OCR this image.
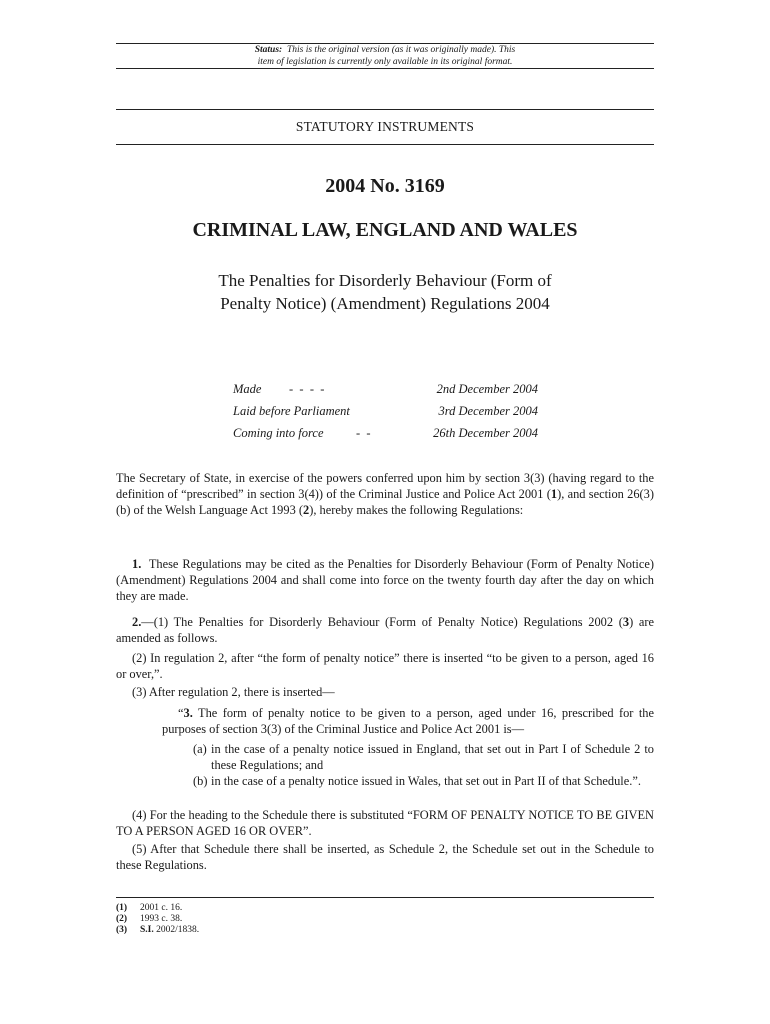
Status: This is the original version (as it was originally made). This
item of legislation is currently only available in its original format.
STATUTORY INSTRUMENTS
2004 No. 3169
CRIMINAL LAW, ENGLAND AND WALES
The Penalties for Disorderly Behaviour (Form of
Penalty Notice) (Amendment) Regulations 2004
Made -  -  -  -	2nd December 2004
Laid before Parliament	3rd December 2004
Coming into force	-  -	26th December 2004
The Secretary of State, in exercise of the powers conferred upon him by section 3(3) (having regard to the definition of “prescribed” in section 3(4)) of the Criminal Justice and Police Act 2001 (1), and section 26(3)(b) of the Welsh Language Act 1993 (2), hereby makes the following Regulations:
1. These Regulations may be cited as the Penalties for Disorderly Behaviour (Form of Penalty Notice) (Amendment) Regulations 2004 and shall come into force on the twenty fourth day after the day on which they are made.
2.—(1) The Penalties for Disorderly Behaviour (Form of Penalty Notice) Regulations 2002 (3) are amended as follows.
(2) In regulation 2, after “the form of penalty notice” there is inserted “to be given to a person, aged 16 or over,”.
(3) After regulation 2, there is inserted—
“3. The form of penalty notice to be given to a person, aged under 16, prescribed for the purposes of section 3(3) of the Criminal Justice and Police Act 2001 is—
(a) in the case of a penalty notice issued in England, that set out in Part I of Schedule 2 to these Regulations; and
(b) in the case of a penalty notice issued in Wales, that set out in Part II of that Schedule.”.
(4) For the heading to the Schedule there is substituted “FORM OF PENALTY NOTICE TO BE GIVEN TO A PERSON AGED 16 OR OVER”.
(5) After that Schedule there shall be inserted, as Schedule 2, the Schedule set out in the Schedule to these Regulations.
(1) 2001 c. 16.
(2) 1993 c. 38.
(3) S.I. 2002/1838.
